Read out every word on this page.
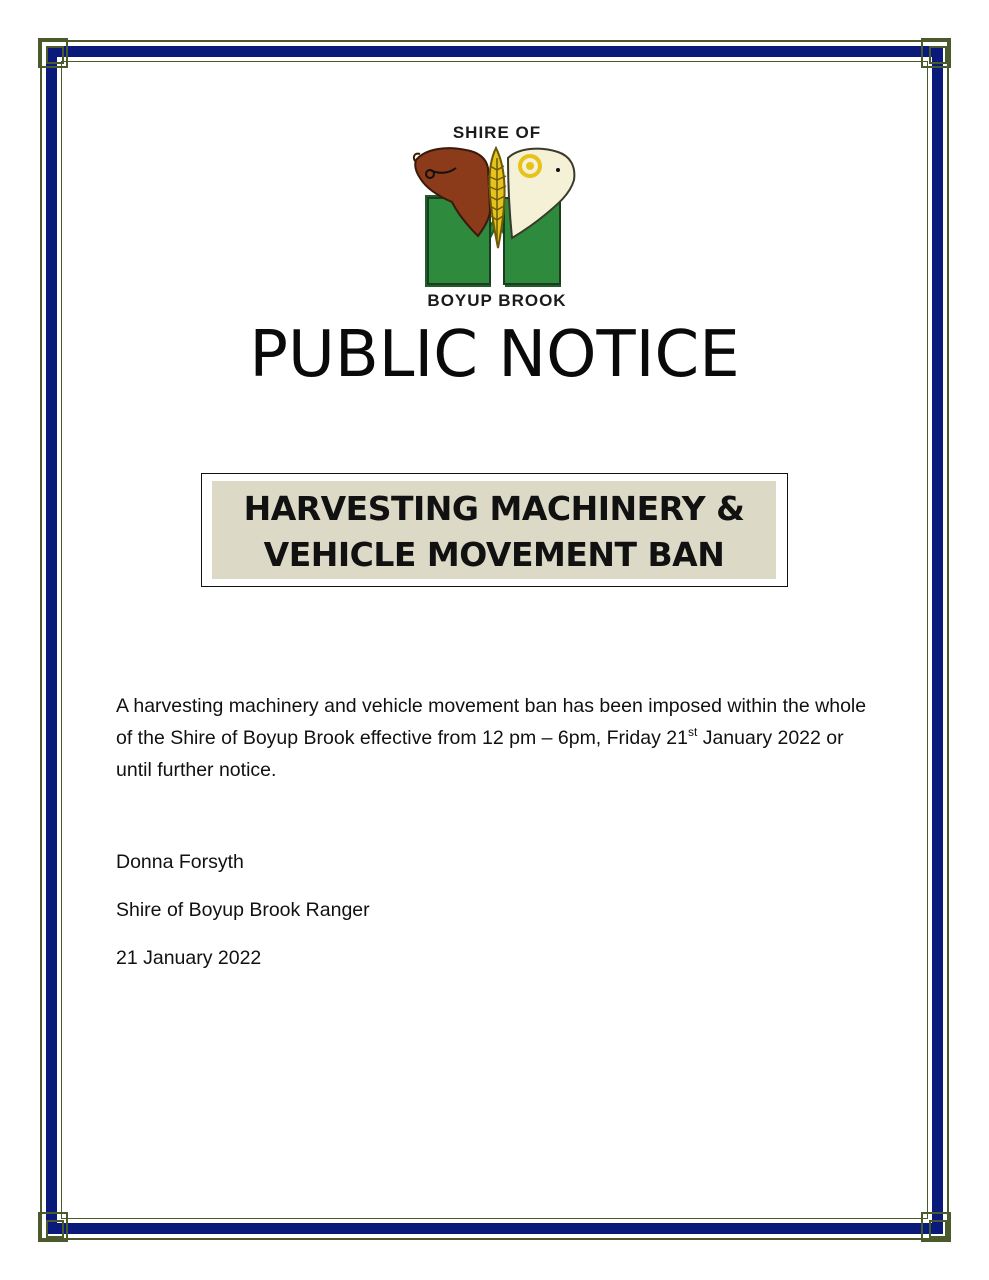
SHIRE OF
BOYUP BROOK
PUBLIC NOTICE
HARVESTING MACHINERY &
VEHICLE MOVEMENT BAN
A harvesting machinery and vehicle movement ban has been imposed within the whole of the Shire of Boyup Brook effective from 12 pm – 6pm, Friday 21st January 2022 or until further notice.
Donna Forsyth
Shire of Boyup Brook Ranger
21 January 2022
